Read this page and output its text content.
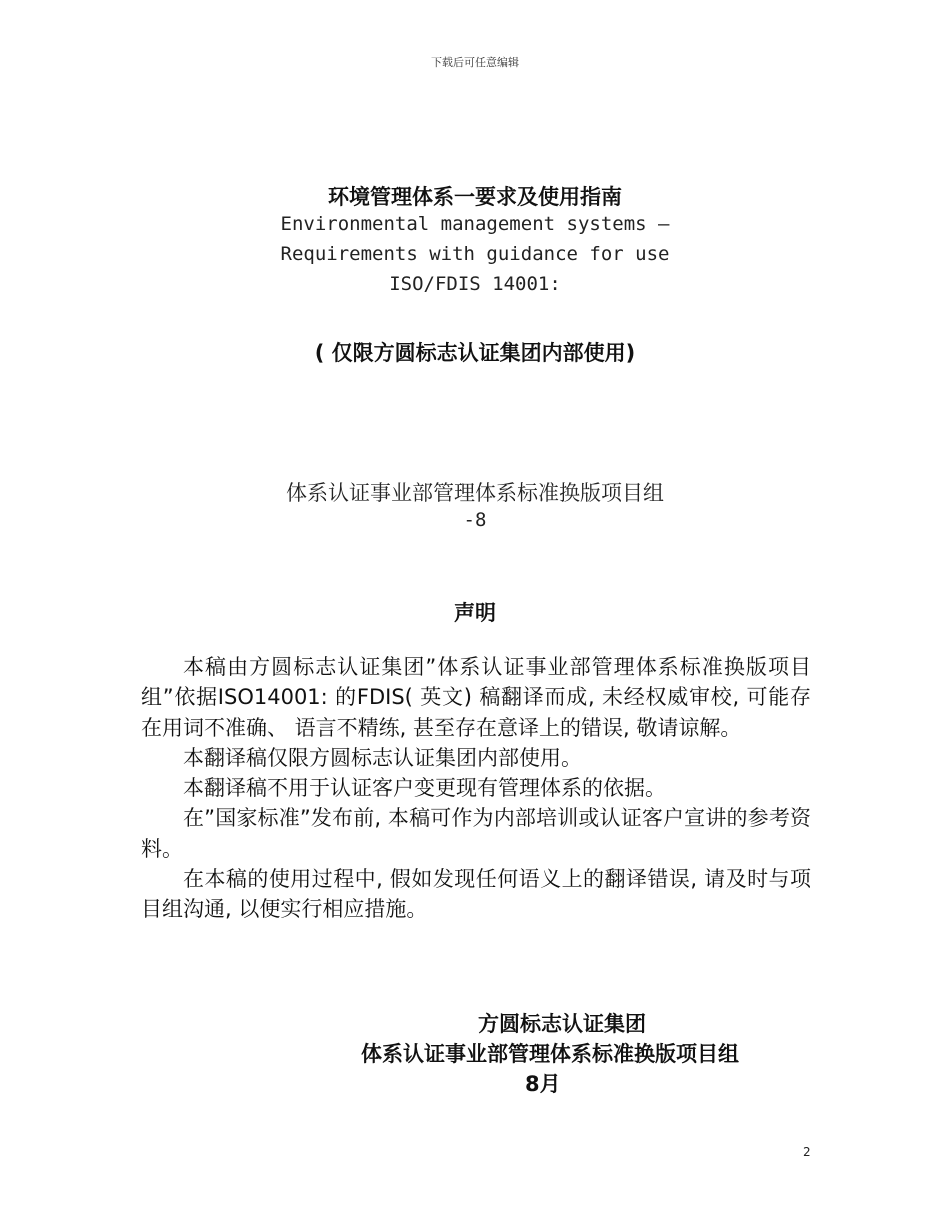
下载后可任意编辑
环境管理体系一要求及使用指南
Environmental management systems —
Requirements with guidance for use
ISO/FDIS 14001:
( 仅限方圆标志认证集团内部使用)
体系认证事业部管理体系标准换版项目组
-8
声明

本稿由方圆标志认证集团”体系认证事业部管理体系标准换版项目组”依据ISO14001: 的FDIS( 英文) 稿翻译而成, 未经权威审校, 可能存在用词不准确、 语言不精练, 甚至存在意译上的错误, 敬请谅解。

本翻译稿仅限方圆标志认证集团内部使用。

本翻译稿不用于认证客户变更现有管理体系的依据。

在”国家标准”发布前, 本稿可作为内部培训或认证客户宣讲的参考资料。

在本稿的使用过程中, 假如发现任何语义上的翻译错误, 请及时与项目组沟通, 以便实行相应措施。

方圆标志认证集团
体系认证事业部管理体系标准换版项目组
8月
2
